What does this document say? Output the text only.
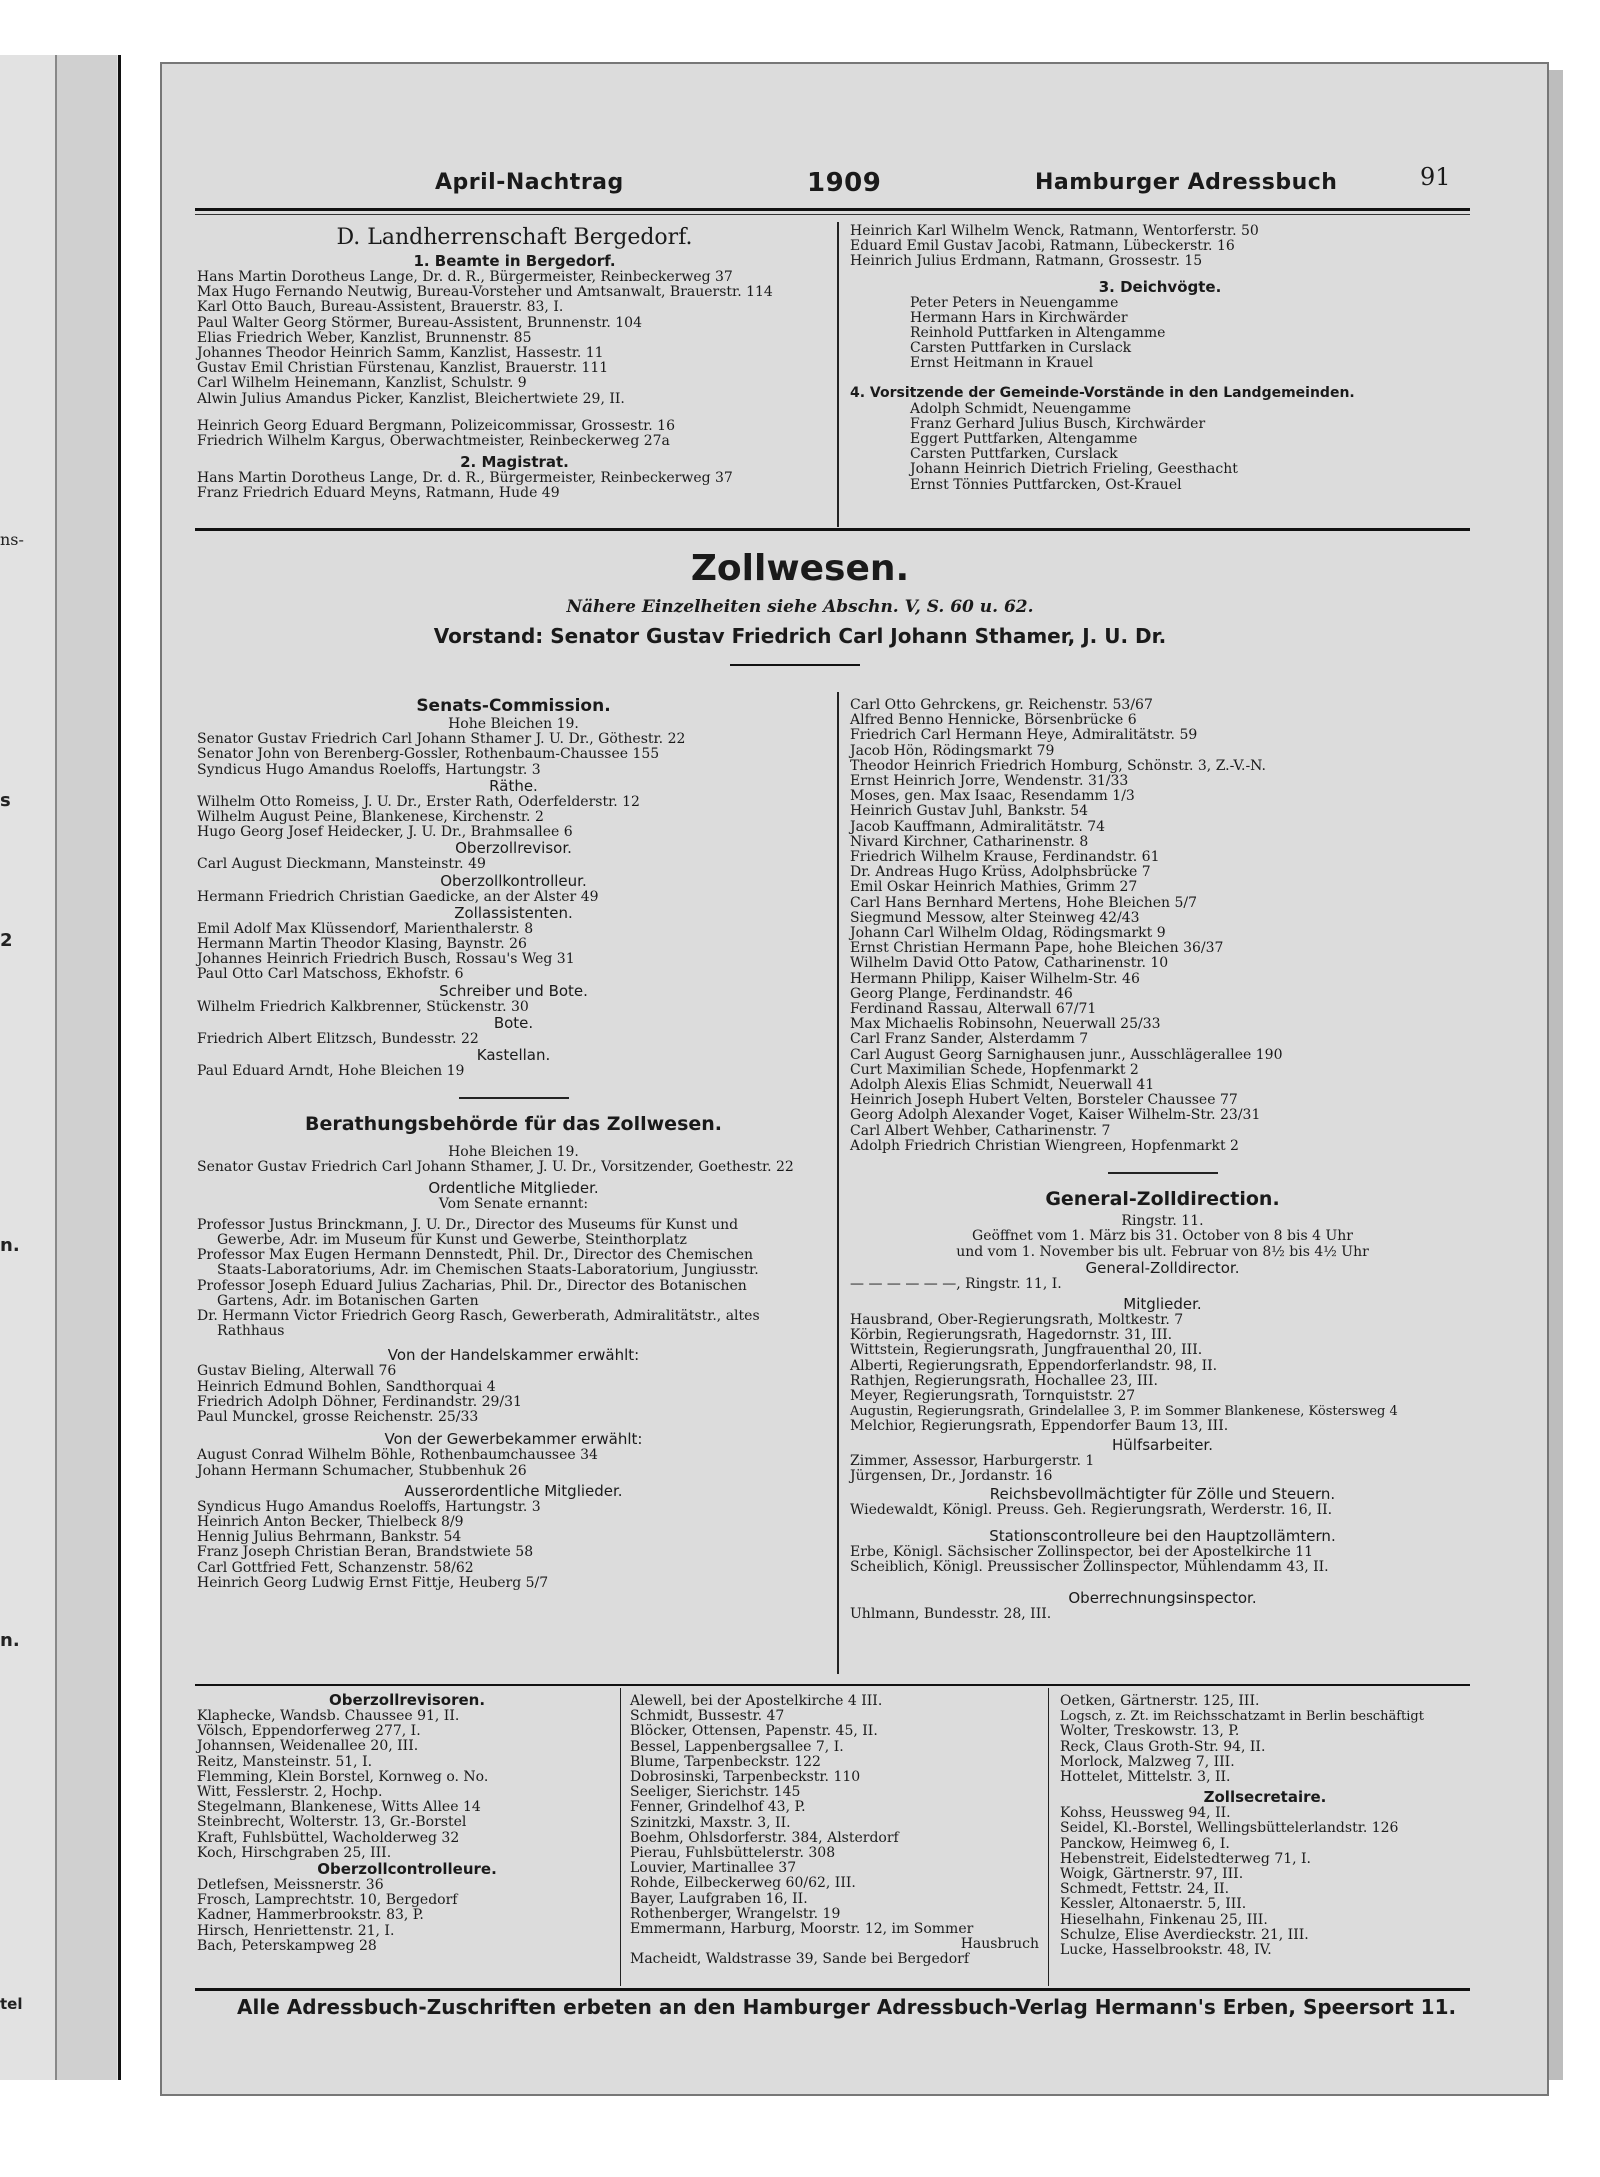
ns-
s
2
n.
n.
tel
April-Nachtrag	1909	Hamburger Adressbuch	91
D. Landherrenschaft Bergedorf.
1. Beamte in Bergedorf.
Hans Martin Dorotheus Lange, Dr. d. R., Bürgermeister, Reinbeckerweg 37
Max Hugo Fernando Neutwig, Bureau-Vorsteher und Amtsanwalt, Brauerstr. 114
Karl Otto Bauch, Bureau-Assistent, Brauerstr. 83, I.
Paul Walter Georg Störmer, Bureau-Assistent, Brunnenstr. 104
Elias Friedrich Weber, Kanzlist, Brunnenstr. 85
Johannes Theodor Heinrich Samm, Kanzlist, Hassestr. 11
Gustav Emil Christian Fürstenau, Kanzlist, Brauerstr. 111
Carl Wilhelm Heinemann, Kanzlist, Schulstr. 9
Alwin Julius Amandus Picker, Kanzlist, Bleichertwiete 29, II.
Heinrich Georg Eduard Bergmann, Polizeicommissar, Grossestr. 16
Friedrich Wilhelm Kargus, Oberwachtmeister, Reinbeckerweg 27a
2. Magistrat.
Hans Martin Dorotheus Lange, Dr. d. R., Bürgermeister, Reinbeckerweg 37
Franz Friedrich Eduard Meyns, Ratmann, Hude 49
Heinrich Karl Wilhelm Wenck, Ratmann, Wentorferstr. 50
Eduard Emil Gustav Jacobi, Ratmann, Lübeckerstr. 16
Heinrich Julius Erdmann, Ratmann, Grossestr. 15
3. Deichvögte.
Peter Peters in Neuengamme
Hermann Hars in Kirchwärder
Reinhold Puttfarken in Altengamme
Carsten Puttfarken in Curslack
Ernst Heitmann in Krauel
4. Vorsitzende der Gemeinde-Vorstände in den Landgemeinden.
Adolph Schmidt, Neuengamme
Franz Gerhard Julius Busch, Kirchwärder
Eggert Puttfarken, Altengamme
Carsten Puttfarken, Curslack
Johann Heinrich Dietrich Frieling, Geesthacht
Ernst Tönnies Puttfarcken, Ost-Krauel
Zollwesen.
Nähere Einzelheiten siehe Abschn. V, S. 60 u. 62.
Vorstand: Senator Gustav Friedrich Carl Johann Sthamer, J. U. Dr.
Senats-Commission.
Hohe Bleichen 19.
Senator Gustav Friedrich Carl Johann Sthamer J. U. Dr., Göthestr. 22
Senator John von Berenberg-Gossler, Rothenbaum-Chaussee 155
Syndicus Hugo Amandus Roeloffs, Hartungstr. 3
Räthe.
Wilhelm Otto Romeiss, J. U. Dr., Erster Rath, Oderfelderstr. 12
Wilhelm August Peine, Blankenese, Kirchenstr. 2
Hugo Georg Josef Heidecker, J. U. Dr., Brahmsallee 6
Oberzollrevisor.
Carl August Dieckmann, Mansteinstr. 49
Oberzollkontrolleur.
Hermann Friedrich Christian Gaedicke, an der Alster 49
Zollassistenten.
Emil Adolf Max Klüssendorf, Marienthalerstr. 8
Hermann Martin Theodor Klasing, Baynstr. 26
Johannes Heinrich Friedrich Busch, Rossau's Weg 31
Paul Otto Carl Matschoss, Ekhofstr. 6
Schreiber und Bote.
Wilhelm Friedrich Kalkbrenner, Stückenstr. 30
Bote.
Friedrich Albert Elitzsch, Bundesstr. 22
Kastellan.
Paul Eduard Arndt, Hohe Bleichen 19
Berathungsbehörde für das Zollwesen.
Hohe Bleichen 19.
Senator Gustav Friedrich Carl Johann Sthamer, J. U. Dr., Vorsitzender, Goethestr. 22
Ordentliche Mitglieder.
Vom Senate ernannt:
Professor Justus Brinckmann, J. U. Dr., Director des Museums für Kunst und
Gewerbe, Adr. im Museum für Kunst und Gewerbe, Steinthorplatz
Professor Max Eugen Hermann Dennstedt, Phil. Dr., Director des Chemischen
Staats-Laboratoriums, Adr. im Chemischen Staats-Laboratorium, Jungiusstr.
Professor Joseph Eduard Julius Zacharias, Phil. Dr., Director des Botanischen
Gartens, Adr. im Botanischen Garten
Dr. Hermann Victor Friedrich Georg Rasch, Gewerberath, Admiralitätstr., altes
Rathhaus
Von der Handelskammer erwählt:
Gustav Bieling, Alterwall 76
Heinrich Edmund Bohlen, Sandthorquai 4
Friedrich Adolph Döhner, Ferdinandstr. 29/31
Paul Munckel, grosse Reichenstr. 25/33
Von der Gewerbekammer erwählt:
August Conrad Wilhelm Böhle, Rothenbaumchaussee 34
Johann Hermann Schumacher, Stubbenhuk 26
Ausserordentliche Mitglieder.
Syndicus Hugo Amandus Roeloffs, Hartungstr. 3
Heinrich Anton Becker, Thielbeck 8/9
Hennig Julius Behrmann, Bankstr. 54
Franz Joseph Christian Beran, Brandstwiete 58
Carl Gottfried Fett, Schanzenstr. 58/62
Heinrich Georg Ludwig Ernst Fittje, Heuberg 5/7
Carl Otto Gehrckens, gr. Reichenstr. 53/67
Alfred Benno Hennicke, Börsenbrücke 6
Friedrich Carl Hermann Heye, Admiralitätstr. 59
Jacob Hön, Rödingsmarkt 79
Theodor Heinrich Friedrich Homburg, Schönstr. 3, Z.-V.-N.
Ernst Heinrich Jorre, Wendenstr. 31/33
Moses, gen. Max Isaac, Resendamm 1/3
Heinrich Gustav Juhl, Bankstr. 54
Jacob Kauffmann, Admiralitätstr. 74
Nivard Kirchner, Catharinenstr. 8
Friedrich Wilhelm Krause, Ferdinandstr. 61
Dr. Andreas Hugo Krüss, Adolphsbrücke 7
Emil Oskar Heinrich Mathies, Grimm 27
Carl Hans Bernhard Mertens, Hohe Bleichen 5/7
Siegmund Messow, alter Steinweg 42/43
Johann Carl Wilhelm Oldag, Rödingsmarkt 9
Ernst Christian Hermann Pape, hohe Bleichen 36/37
Wilhelm David Otto Patow, Catharinenstr. 10
Hermann Philipp, Kaiser Wilhelm-Str. 46
Georg Plange, Ferdinandstr. 46
Ferdinand Rassau, Alterwall 67/71
Max Michaelis Robinsohn, Neuerwall 25/33
Carl Franz Sander, Alsterdamm 7
Carl August Georg Sarnighausen junr., Ausschlägerallee 190
Curt Maximilian Schede, Hopfenmarkt 2
Adolph Alexis Elias Schmidt, Neuerwall 41
Heinrich Joseph Hubert Velten, Borsteler Chaussee 77
Georg Adolph Alexander Voget, Kaiser Wilhelm-Str. 23/31
Carl Albert Wehber, Catharinenstr. 7
Adolph Friedrich Christian Wiengreen, Hopfenmarkt 2
General-Zolldirection.
Ringstr. 11.
Geöffnet vom 1. März bis 31. October von 8 bis 4 Uhr
und vom 1. November bis ult. Februar von 8½ bis 4½ Uhr
General-Zolldirector.
— — — — — —, Ringstr. 11, I.
Mitglieder.
Hausbrand, Ober-Regierungsrath, Moltkestr. 7
Körbin, Regierungsrath, Hagedornstr. 31, III.
Wittstein, Regierungsrath, Jungfrauenthal 20, III.
Alberti, Regierungsrath, Eppendorferlandstr. 98, II.
Rathjen, Regierungsrath, Hochallee 23, III.
Meyer, Regierungsrath, Tornquiststr. 27
Augustin, Regierungsrath, Grindelallee 3, P. im Sommer Blankenese, Köstersweg 4
Melchior, Regierungsrath, Eppendorfer Baum 13, III.
Hülfsarbeiter.
Zimmer, Assessor, Harburgerstr. 1
Jürgensen, Dr., Jordanstr. 16
Reichsbevollmächtigter für Zölle und Steuern.
Wiedewaldt, Königl. Preuss. Geh. Regierungsrath, Werderstr. 16, II.
Stationscontrolleure bei den Hauptzollämtern.
Erbe, Königl. Sächsischer Zollinspector, bei der Apostelkirche 11
Scheiblich, Königl. Preussischer Zollinspector, Mühlendamm 43, II.
Oberrechnungsinspector.
Uhlmann, Bundesstr. 28, III.
Oberzollrevisoren.
Klaphecke, Wandsb. Chaussee 91, II.
Völsch, Eppendorferweg 277, I.
Johannsen, Weidenallee 20, III.
Reitz, Mansteinstr. 51, I.
Flemming, Klein Borstel, Kornweg o. No.
Witt, Fesslerstr. 2, Hochp.
Stegelmann, Blankenese, Witts Allee 14
Steinbrecht, Wolterstr. 13, Gr.-Borstel
Kraft, Fuhlsbüttel, Wacholderweg 32
Koch, Hirschgraben 25, III.
Oberzollcontrolleure.
Detlefsen, Meissnerstr. 36
Frosch, Lamprechtstr. 10, Bergedorf
Kadner, Hammerbrookstr. 83, P.
Hirsch, Henriettenstr. 21, I.
Bach, Peterskampweg 28
Alewell, bei der Apostelkirche 4 III.
Schmidt, Bussestr. 47
Blöcker, Ottensen, Papenstr. 45, II.
Bessel, Lappenbergsallee 7, I.
Blume, Tarpenbeckstr. 122
Dobrosinski, Tarpenbeckstr. 110
Seeliger, Sierichstr. 145
Fenner, Grindelhof 43, P.
Szinitzki, Maxstr. 3, II.
Boehm, Ohlsdorferstr. 384, Alsterdorf
Pierau, Fuhlsbüttelerstr. 308
Louvier, Martinallee 37
Rohde, Eilbeckerweg 60/62, III.
Bayer, Laufgraben 16, II.
Rothenberger, Wrangelstr. 19
Emmermann, Harburg, Moorstr. 12, im Sommer
Hausbruch
Macheidt, Waldstrasse 39, Sande bei Bergedorf
Oetken, Gärtnerstr. 125, III.
Logsch, z. Zt. im Reichsschatzamt in Berlin beschäftigt
Wolter, Treskowstr. 13, P.
Reck, Claus Groth-Str. 94, II.
Morlock, Malzweg 7, III.
Hottelet, Mittelstr. 3, II.
Zollsecretaire.
Kohss, Heussweg 94, II.
Seidel, Kl.-Borstel, Wellingsbüttelerlandstr. 126
Panckow, Heimweg 6, I.
Hebenstreit, Eidelstedterweg 71, I.
Woigk, Gärtnerstr. 97, III.
Schmedt, Fettstr. 24, II.
Kessler, Altonaerstr. 5, III.
Hieselhahn, Finkenau 25, III.
Schulze, Elise Averdieckstr. 21, III.
Lucke, Hasselbrookstr. 48, IV.
Alle Adressbuch-Zuschriften erbeten an den Hamburger Adressbuch-Verlag Hermann's Erben, Speersort 11.
